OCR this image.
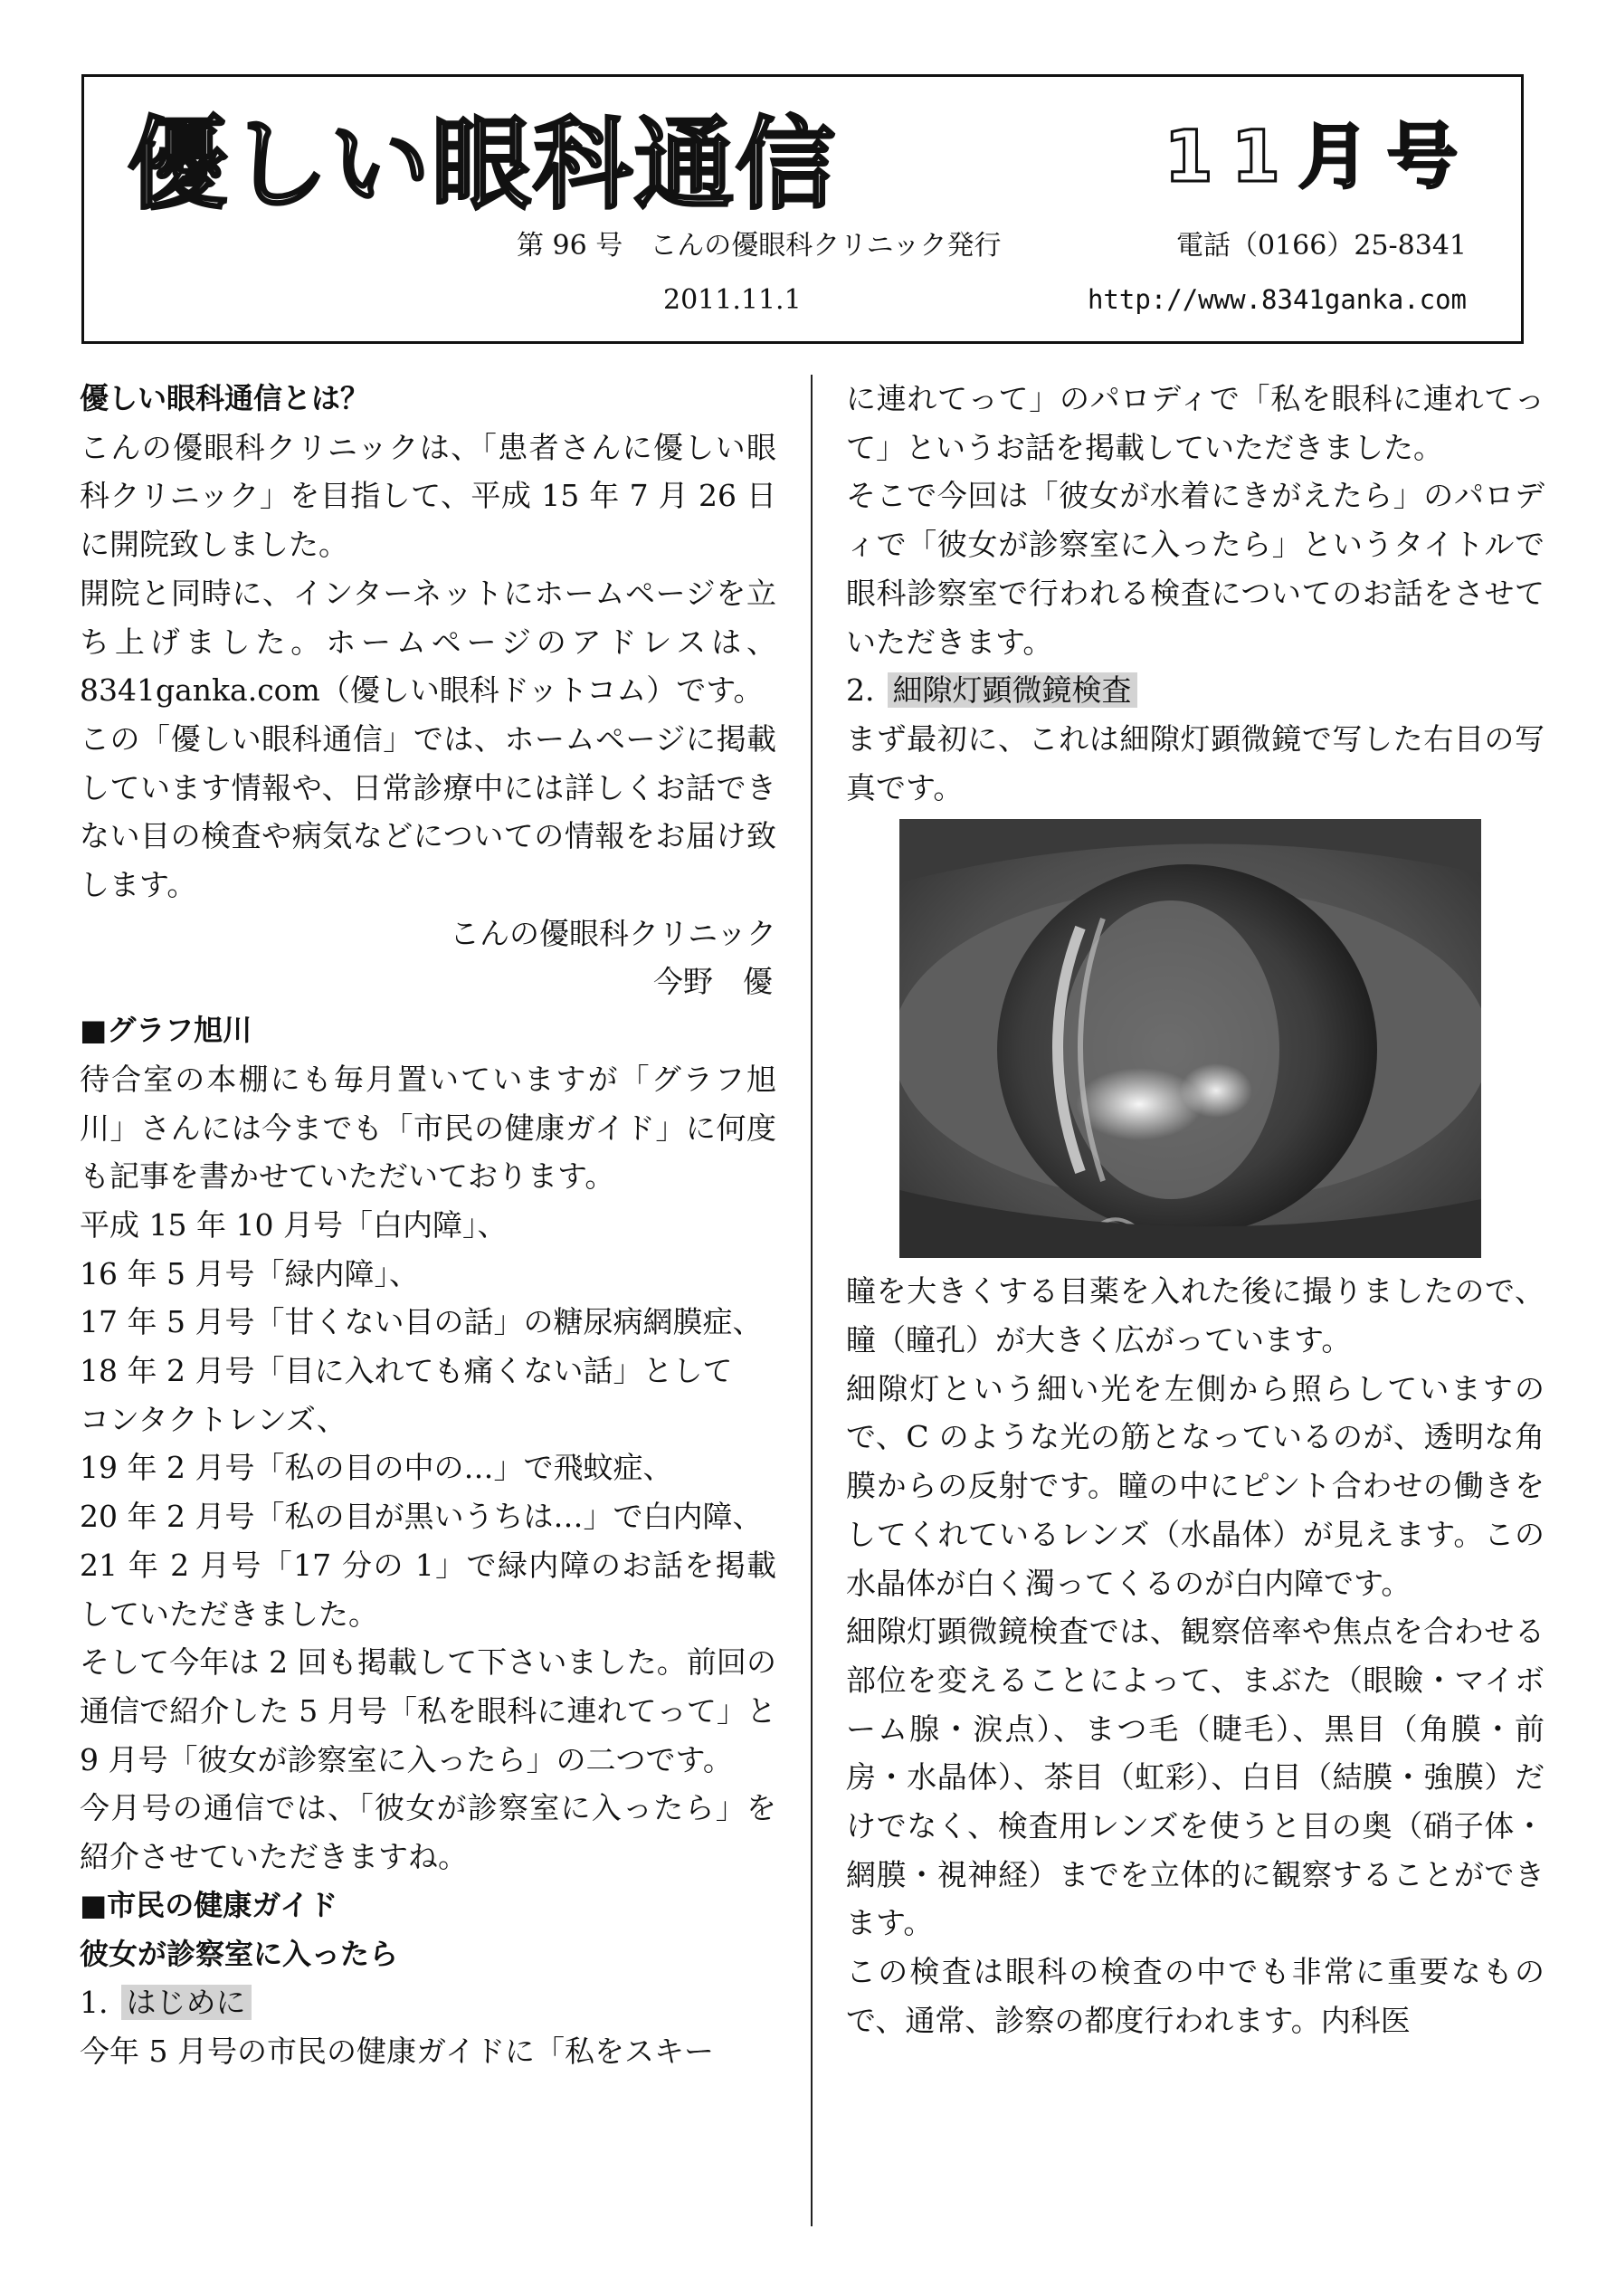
優しい眼科通信	11月号
第 96 号　こんの優眼科クリニック発行	電話（0166）25-8341
2011.11.1	http://www.8341ganka.com

優しい眼科通信とは？

こんの優眼科クリニックは、「患者さんに優しい眼科クリニック」を目指して、平成 15 年 7 月 26 日に開院致しました。

開院と同時に、インターネットにホームページを立ち上げました。ホームページのアドレスは、8341ganka.com（優しい眼科ドットコム）です。

この「優しい眼科通信」では、ホームページに掲載しています情報や、日常診療中には詳しくお話できない目の検査や病気などについての情報をお届け致します。

こんの優眼科クリニック

今野　優

■グラフ旭川

待合室の本棚にも毎月置いていますが「グラフ旭川」さんには今までも「市民の健康ガイド」に何度も記事を書かせていただいております。

平成 15 年 10 月号「白内障」、

16 年 5 月号「緑内障」、

17 年 5 月号「甘くない目の話」の糖尿病網膜症、

18 年 2 月号「目に入れても痛くない話」として

コンタクトレンズ、

19 年 2 月号「私の目の中の…」で飛蚊症、

20 年 2 月号「私の目が黒いうちは…」で白内障、

21 年 2 月号「17 分の 1」で緑内障のお話を掲載していただきました。

そして今年は 2 回も掲載して下さいました。前回の通信で紹介した 5 月号「私を眼科に連れてって」と 9 月号「彼女が診察室に入ったら」の二つです。

今月号の通信では、「彼女が診察室に入ったら」を紹介させていただきますね。

■市民の健康ガイド

彼女が診察室に入ったら

1. はじめに

今年 5 月号の市民の健康ガイドに「私をスキー

に連れてって」のパロディで「私を眼科に連れてって」というお話を掲載していただきました。

そこで今回は「彼女が水着にきがえたら」のパロディで「彼女が診察室に入ったら」というタイトルで眼科診察室で行われる検査についてのお話をさせていただきます。

2. 細隙灯顕微鏡検査

まず最初に、これは細隙灯顕微鏡で写した右目の写真です。

瞳を大きくする目薬を入れた後に撮りましたので、瞳（瞳孔）が大きく広がっています。

細隙灯という細い光を左側から照らしていますので、C のような光の筋となっているのが、透明な角膜からの反射です。瞳の中にピント合わせの働きをしてくれているレンズ（水晶体）が見えます。この水晶体が白く濁ってくるのが白内障です。

細隙灯顕微鏡検査では、観察倍率や焦点を合わせる部位を変えることによって、まぶた（眼瞼・マイボーム腺・涙点）、まつ毛（睫毛）、黒目（角膜・前房・水晶体）、茶目（虹彩）、白目（結膜・強膜）だけでなく、検査用レンズを使うと目の奥（硝子体・網膜・視神経）までを立体的に観察することができます。

この検査は眼科の検査の中でも非常に重要なもので、通常、診察の都度行われます。内科医
